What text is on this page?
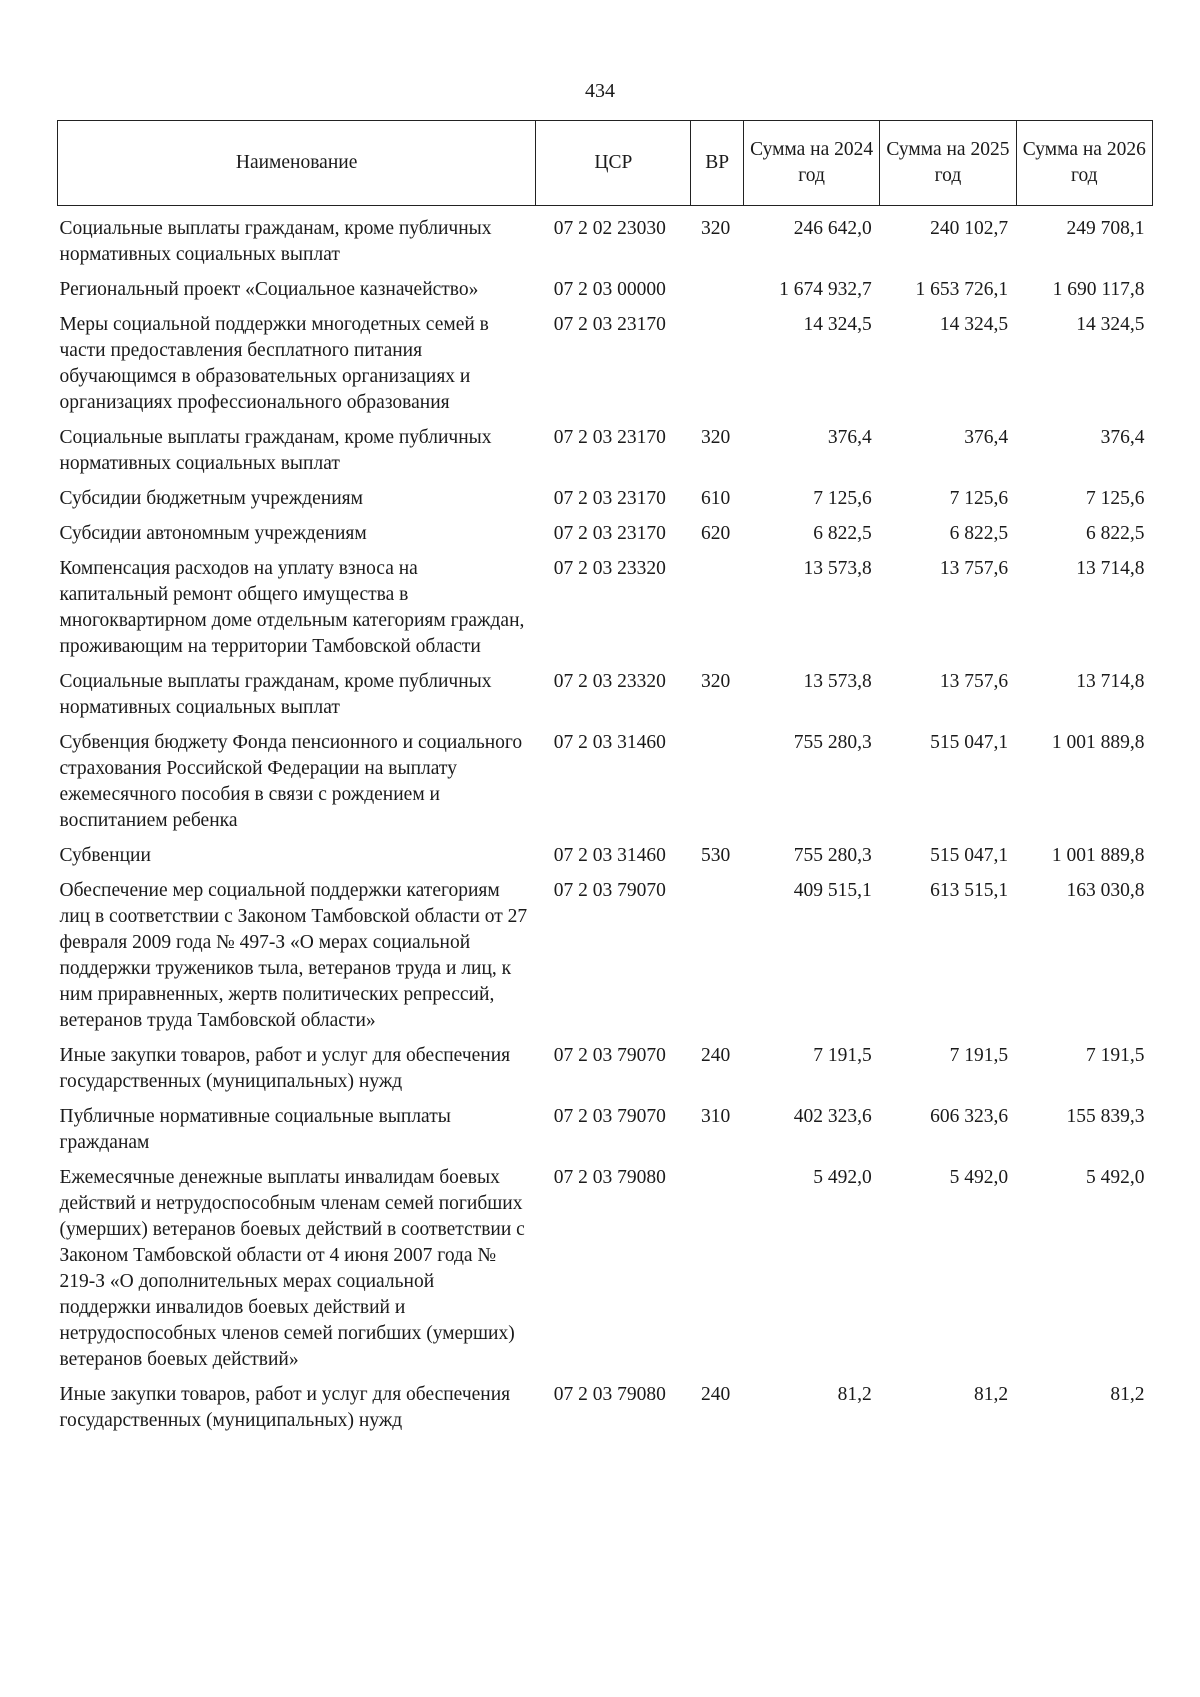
434
Наименование	ЦСР	ВР	Сумма на 2024 год	Сумма на 2025 год	Сумма на 2026 год
Социальные выплаты гражданам, кроме публичных нормативных социальных выплат	07 2 02 23030	320	246 642,0	240 102,7	249 708,1
Региональный проект «Социальное казначейство»	07 2 03 00000		1 674 932,7	1 653 726,1	1 690 117,8
Меры социальной поддержки многодетных семей в части предоставления бесплатного питания обучающимся в образовательных организациях и организациях профессионального образования	07 2 03 23170		14 324,5	14 324,5	14 324,5
Социальные выплаты гражданам, кроме публичных нормативных социальных выплат	07 2 03 23170	320	376,4	376,4	376,4
Субсидии бюджетным учреждениям	07 2 03 23170	610	7 125,6	7 125,6	7 125,6
Субсидии автономным учреждениям	07 2 03 23170	620	6 822,5	6 822,5	6 822,5
Компенсация расходов на уплату взноса на капитальный ремонт общего имущества в многоквартирном доме отдельным категориям граждан, проживающим на территории Тамбовской области	07 2 03 23320		13 573,8	13 757,6	13 714,8
Социальные выплаты гражданам, кроме публичных нормативных социальных выплат	07 2 03 23320	320	13 573,8	13 757,6	13 714,8
Субвенция бюджету Фонда пенсионного и социального страхования Российской Федерации на выплату ежемесячного пособия в связи с рождением и воспитанием ребенка	07 2 03 31460		755 280,3	515 047,1	1 001 889,8
Субвенции	07 2 03 31460	530	755 280,3	515 047,1	1 001 889,8
Обеспечение мер социальной поддержки категориям лиц в соответствии с Законом Тамбовской области от 27 февраля 2009 года № 497-З «О мерах социальной поддержки тружеников тыла, ветеранов труда и лиц, к ним приравненных, жертв политических репрессий, ветеранов труда Тамбовской области»	07 2 03 79070		409 515,1	613 515,1	163 030,8
Иные закупки товаров, работ и услуг для обеспечения государственных (муниципальных) нужд	07 2 03 79070	240	7 191,5	7 191,5	7 191,5
Публичные нормативные социальные выплаты гражданам	07 2 03 79070	310	402 323,6	606 323,6	155 839,3
Ежемесячные денежные выплаты инвалидам боевых действий и нетрудоспособным членам семей погибших (умерших) ветеранов боевых действий в соответствии с Законом Тамбовской области от 4 июня 2007 года № 219-З «О дополнительных мерах социальной поддержки инвалидов боевых действий и нетрудоспособных членов семей погибших (умерших) ветеранов боевых действий»	07 2 03 79080		5 492,0	5 492,0	5 492,0
Иные закупки товаров, работ и услуг для обеспечения государственных (муниципальных) нужд	07 2 03 79080	240	81,2	81,2	81,2
